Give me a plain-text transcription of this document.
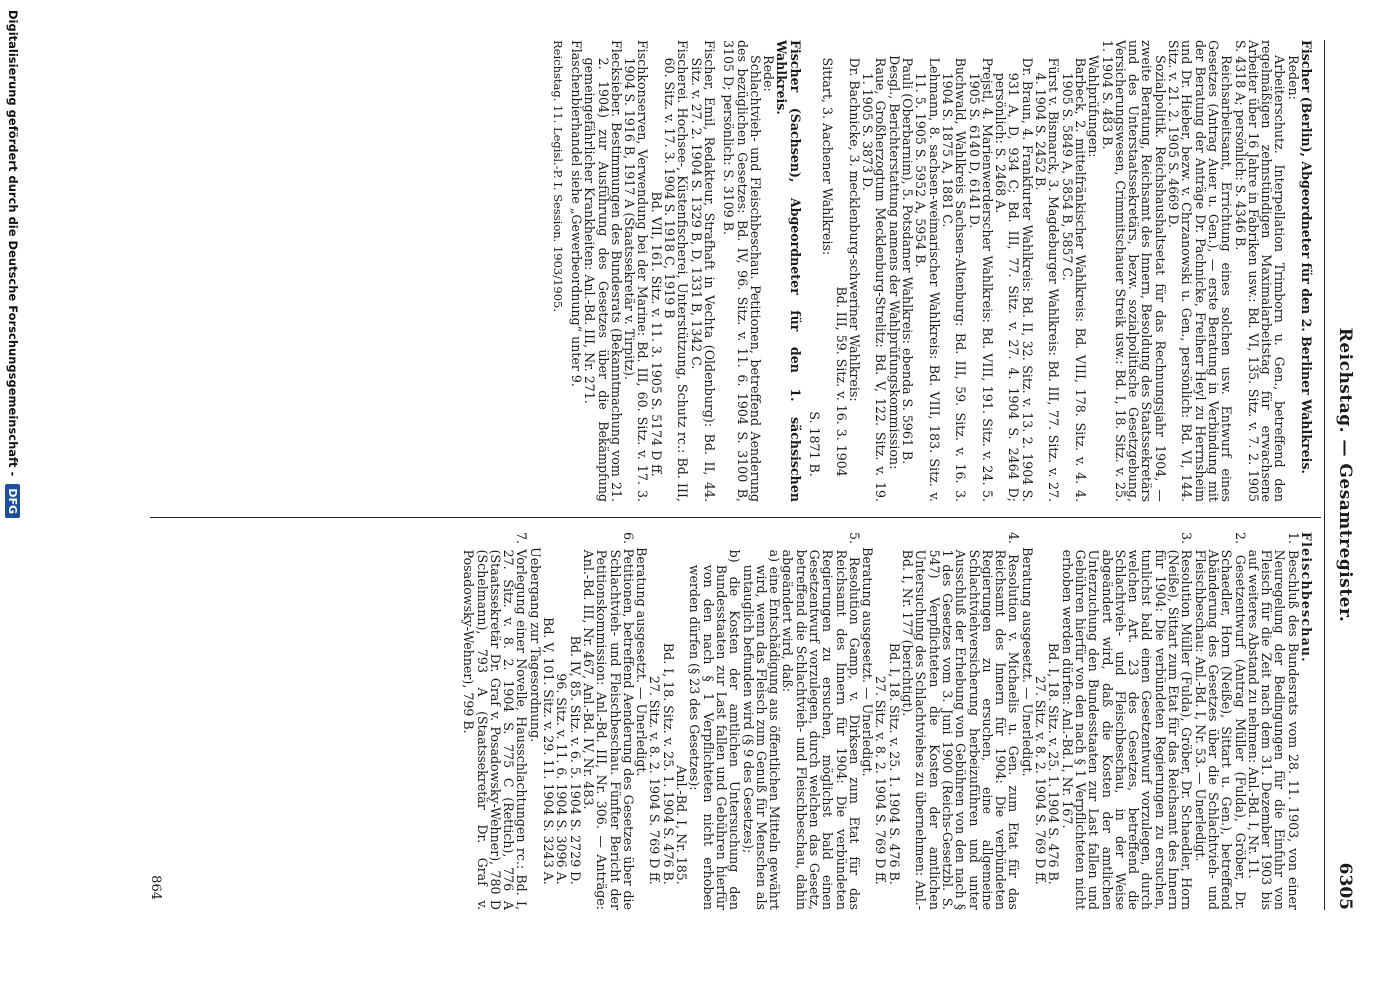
Reichstag. — Gesamtregister.
6305

Fischer (Berlin), Abgeordneter für den 2. Berliner Wahlkreis.

Reden:

Arbeiterschutz. Interpellation Trimborn u. Gen., betreffend den regelmäßigen zehnstündigen Maximalarbeitstag für erwachsene Arbeiter über 16 Jahre in Fabriken usw.: Bd. VI, 135. Sitz. v. 7. 2. 1905 S. 4318 A; persönlich: S. 4346 B.

Reichsarbeitsamt, Errichtung eines solchen usw. Entwurf eines Gesetzes (Antrag Auer u. Gen.), — erste Beratung in Verbindung mit der Beratung der Anträge Dr. Pachnicke, Freiherr Heyl zu Herrnsheim und Dr. Hieber, bezw. v. Chrzanowski u. Gen., persönlich: Bd. VI, 144. Sitz. v. 21. 2. 1905 S. 4669 D.

Sozialpolitik. Reichshaushaltsetat für das Rechnungsjahr 1904, — zweite Beratung, Reichsamt des Innern, Besoldung des Staatssekretärs und des Unterstaatssekretärs, bezw. sozialpolitische Gesetzgebung, Versicherungswesen, Crimmitschauer Streik usw.: Bd. I, 18. Sitz. v. 25. 1. 1904 S. 483 B.

Wahlprüfungen:

Barbeck, 2. mittelfränkischer Wahlkreis: Bd. VIII, 178. Sitz. v. 4. 4. 1905 S. 5849 A, 5854 B, 5857 C.

Fürst v. Bismarck, 3. Magdeburger Wahlkreis: Bd. III, 77. Sitz. v. 27. 4. 1904 S. 2452 B.

Dr. Braun, 4. Frankfurter Wahlkreis: Bd. II, 32. Sitz. v. 13. 2. 1904 S. 931 A, D, 934 C; Bd. III, 77. Sitz. v. 27. 4. 1904 S. 2464 D; persönlich: S. 2468 A.

Prejstl, 4. Marienwerderscher Wahlkreis: Bd. VIII, 191. Sitz. v. 24. 5. 1905 S. 6140 D, 6141 D.

Buchwald, Wahlkreis Sachsen-Altenburg: Bd. III, 59. Sitz. v. 16. 3. 1904 S. 1875 A, 1881 C.

Lehmann, 8. sachsen-weimarischer Wahlkreis: Bd. VIII, 183. Sitz. v. 11. 5. 1905 S. 5952 A, 5954 B.

Pauli (Oberbarnim), 5. Potsdamer Wahlkreis: ebenda S. 5961 B.

Desgl., Berichterstattung namens der Wahlprüfungskommission:

Raue, Großherzogtum Mecklenburg-Strelitz: Bd. V, 122. Sitz. v. 19. 1. 1905 S. 3873 D.

Dr. Bachnicke, 3. mecklenburg-schweriner Wahlkreis:

Bd. III, 59. Sitz. v. 16. 3. 1904

Sittart, 3. Aachener Wahlkreis:

S. 1871 B.

Fischer (Sachsen), Abgeordneter für den 1. sächsischen Wahlkreis.

Rede:

Schlachtvieh- und Fleischbeschau. Petitionen, betreffend Aenderung des bezüglichen Gesetzes: Bd. IV, 96. Sitz. v. 11. 6. 1904 S. 3100 B, 3105 D; persönlich: S. 3109 B.

Fischer, Emil, Redakteur, Strafhaft in Vechta (Oldenburg): Bd. II, 44. Sitz. v. 27. 2. 1904 S. 1329 B, D, 1331 B, 1342 C.

Fischerei. Hochsee-, Küstenfischerei, Unterstützung, Schutz rc.: Bd. III, 60. Sitz. v. 17. 3. 1904 S. 1918 C, 1919 B

Bd. VII, 161. Sitz. v. 11. 3. 1905 S. 5174 D ff.

Fischkonserven, Verwendung bei der Marine: Bd. III, 60. Sitz. v. 17. 3. 1904 S. 1916 B, 1917 A (Staatssekretär v. Tirpitz).

Flecksieber. Bestimmungen des Bundesrats (Bekanntmachung vom 21. 2. 1904) zur Ausführung des Gesetzes über die Bekämpfung gemeingefährlicher Krankheiten: Anl.-Bd. III, Nr. 271.

Flaschenbierhandel siehe „Gewerbeordnung“ unter 9.

Reichstag. 11. Legisl.-P. I. Session. 1903/1905.

Fleischbeschau.

1. Beschluß des Bundesrats vom 28. 11. 1903, von einer Neuregelung der Bedingungen für die Einfuhr von Fleisch für die Zeit nach dem 31. Dezember 1903 bis auf weiteres Abstand zu nehmen: Anl.-Bd. I, Nr. 11.

2. Gesetzentwurf (Antrag Müller (Fulda), Gröber, Dr. Schaedler, Horn (Neiße), Sittart u. Gen.), betreffend Abänderung des Gesetzes über die Schlachtvieh- und Fleischbeschau: Anl.-Bd. I, Nr. 53. — Unerledigt.

3. Resolution Müller (Fulda), Gröber, Dr. Schaedler, Horn (Neiße), Sittart zum Etat für das Reichsamt des Innern für 1904: Die verbündeten Regierungen zu ersuchen, tunlichst bald einen Gesetzentwurf vorzulegen, durch welchen Art. 23 des Gesetzes, betreffend die Schlachtvieh- und Fleischbeschau, in der Weise abgeändert wird, daß die Kosten der amtlichen Unterzuchung den Bundesstaaten zur Last fallen und Gebühren hierfür von den nach § 1 Verpflichteten nicht erhoben werden dürfen: Anl.-Bd. I, Nr. 167.

Bd. I, 18. Sitz. v. 25. 1. 1904 S. 476 B.

27. Sitz. v. 8. 2. 1904 S. 769 D ff.

Beratung ausgesetzt. — Unerledigt.

4. Resolution v. Michaelis u. Gen. zum Etat für das Reichsamt des Innern für 1904: Die verbündeten Regierungen zu ersuchen, eine allgemeine Schlachtviehversicherung herbeizuführen und unter Ausschluß der Erhebung von Gebühren von den nach § 1 des Gesetzes vom 3. Juni 1900 (Reichs-Gesetzbl. S. 547) Verpflichteten die Kosten der amtlichen Untersuchung des Schlachtviehes zu übernehmen: Anl.-Bd. I, Nr. 177 (berichtigt).

Bd. I, 18. Sitz. v. 25. 1. 1904 S. 476 B.

27. Sitz. v. 8. 2. 1904 S. 769 D ff.

Beratung ausgesetzt. — Unerledigt.

5. Resolution Gamp, v. Dirksen zum Etat für das Reichsamt des Innern für 1904: Die verbündeten Regierungen zu ersuchen, möglichst bald einen Gesetzentwurf vorzulegen, durch welchen das Gesetz, betreffend die Schlachtvieh- und Fleischbeschau, dahin abgeändert wird, daß:

a) eine Entschädigung aus öffentlichen Mitteln gewährt wird, wenn das Fleisch zum Genuß für Menschen als untauglich befunden wird (§ 9 des Gesetzes);

b) die Kosten der amtlichen Untersuchung den Bundesstaaten zur Last fallen und Gebühren hierfür von den nach § 1 Verpflichteten nicht erhoben werden dürfen (§ 23 des Gesetzes):

Anl.-Bd. I, Nr. 185.

Bd. I, 18. Sitz. v. 25. 1. 1904 S. 476 B.

27. Sitz. v. 8. 2. 1904 S. 769 D ff.

Beratung ausgesetzt. — Unerledigt.

6. Petitionen, betreffend Aenderung des Gesetzes über die Schlachtvieh- und Fleischbeschau. Fünfter Bericht der Petitionskommission: Anl.-Bd. III, Nr. 306. — Anträge: Anl.-Bd. III, Nr. 467, Anl.-Bd. IV, Nr. 483.

Bd. IV, 85. Sitz. v. 6. 5. 1904 S. 2729 D.

96. Sitz. v. 11. 6. 1904 S. 3096 A.

Bd. V, 101. Sitz. v. 29. 11. 1904 S. 3243 A.

Uebergang zur Tagesordnung.

7. Vorlegung einer Novelle, Hausschlachtungen rc.: Bd. I, 27. Sitz. v. 8. 2. 1904 S. 775 C (Rettich), 776 A (Staatssekretär Dr. Graf v. Posadowsky-Wehner), 780 D (Schelmann), 793 A (Staatssekretär Dr. Graf v. Posadowsky-Wehner), 799 B.

864
Digitalisierung gefördert durch die Deutsche Forschungsgemeinschaft -
DFG
